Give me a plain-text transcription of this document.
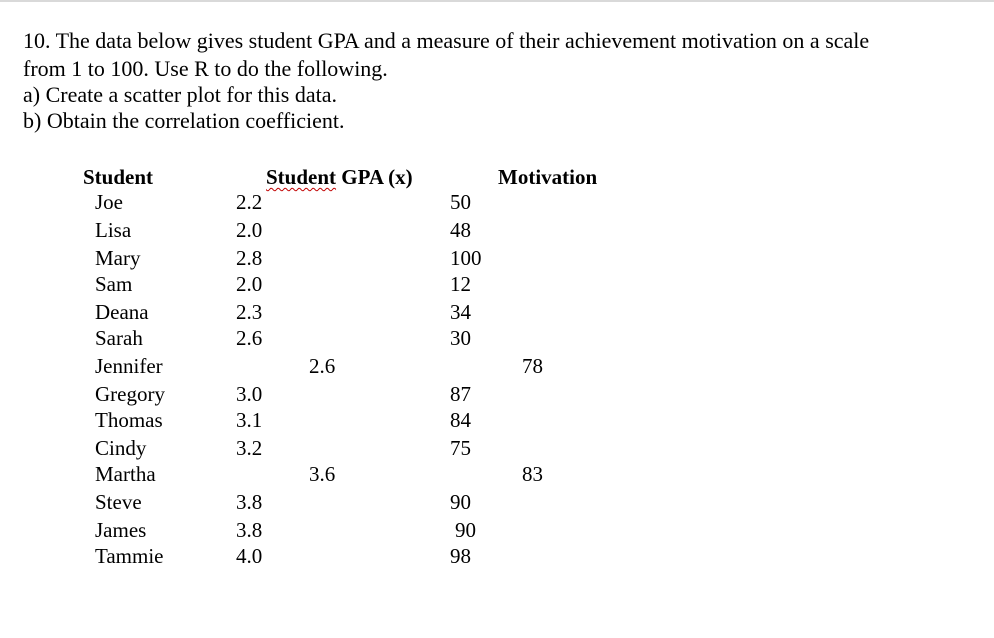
10. The data below gives student GPA and a measure of their achievement motivation on a scale
from 1 to 100. Use R to do the following.
a) Create a scatter plot for this data.
b) Obtain the correlation coefficient.
Student	Student GPA (x)	Motivation
Joe	2.2	50
Lisa	2.0	48
Mary	2.8	100
Sam	2.0	12
Deana	2.3	34
Sarah	2.6	30
Jennifer	2.6	78
Gregory	3.0	87
Thomas	3.1	84
Cindy	3.2	75
Martha	3.6	83
Steve	3.8	90
James	3.8	90
Tammie	4.0	98
